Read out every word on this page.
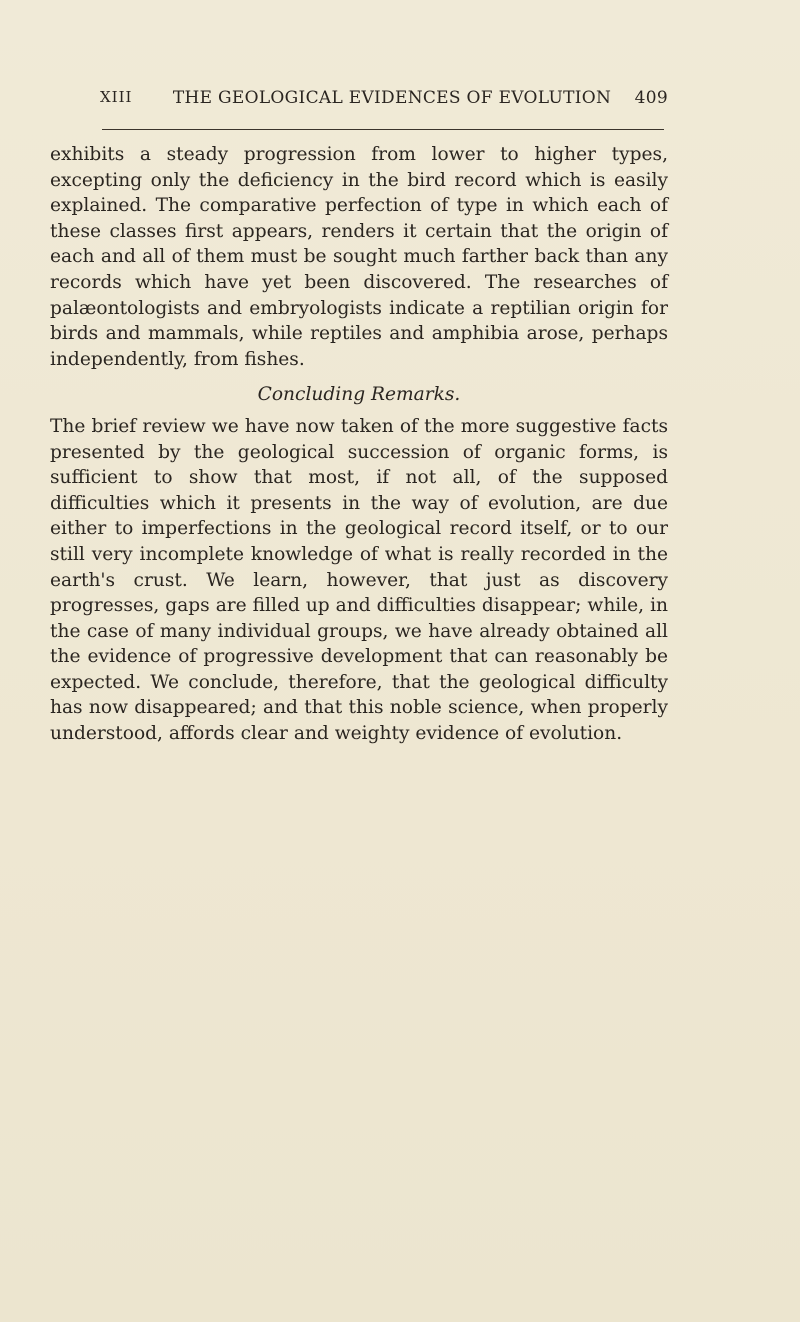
XIII	THE GEOLOGICAL EVIDENCES OF EVOLUTION	409

exhibits a steady progression from lower to higher types, excepting only the deficiency in the bird record which is easily explained. The comparative perfection of type in which each of these classes first appears, renders it certain that the origin of each and all of them must be sought much farther back than any records which have yet been discovered. The researches of palæontologists and embryologists indicate a reptilian origin for birds and mammals, while reptiles and amphibia arose, perhaps independently, from fishes.

Concluding Remarks.

The brief review we have now taken of the more suggestive facts presented by the geological succession of organic forms, is sufficient to show that most, if not all, of the supposed difficulties which it presents in the way of evolution, are due either to imperfections in the geological record itself, or to our still very incomplete knowledge of what is really recorded in the earth's crust. We learn, however, that just as discovery progresses, gaps are filled up and difficulties disappear; while, in the case of many individual groups, we have already obtained all the evidence of progressive development that can reasonably be expected. We conclude, therefore, that the geological difficulty has now disappeared; and that this noble science, when properly understood, affords clear and weighty evidence of evolution.
